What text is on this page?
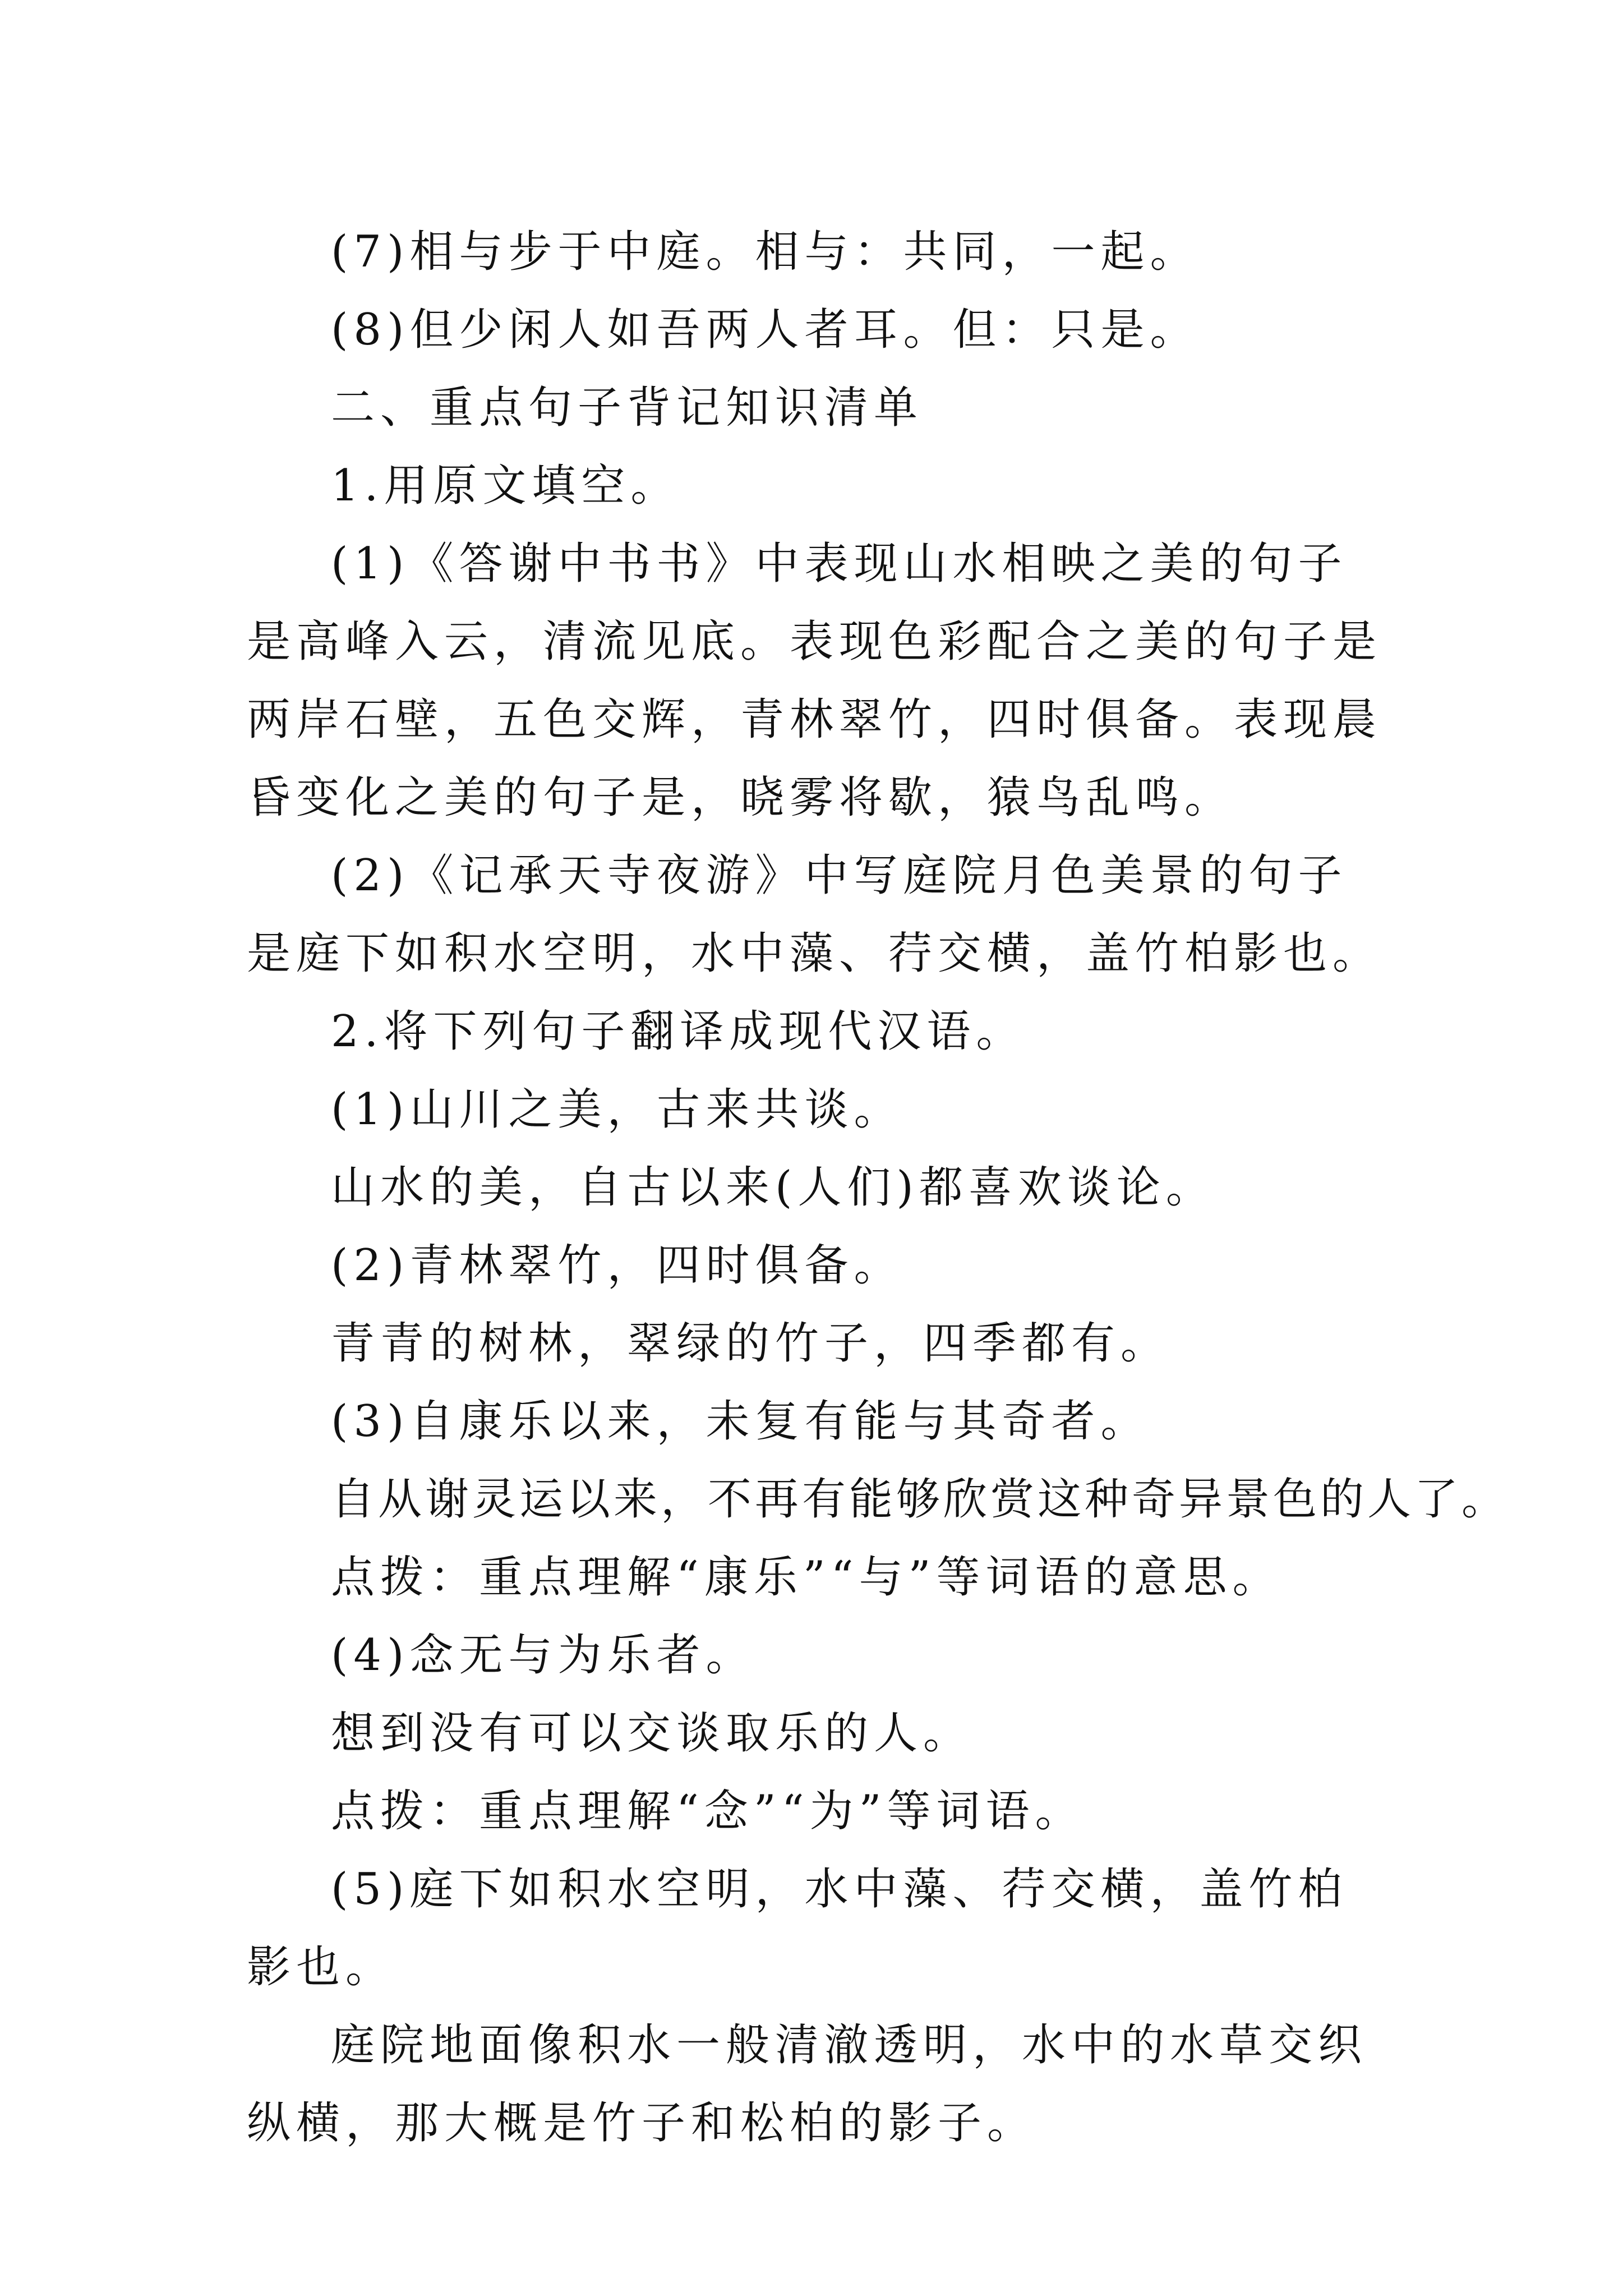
(7)相与步于中庭。相与：共同，一起。

(8)但少闲人如吾两人者耳。但：只是。

二、重点句子背记知识清单

1.用原文填空。

(1)《答谢中书书》中表现山水相映之美的句子是高峰入云，清流见底。表现色彩配合之美的句子是两岸石壁，五色交辉，青林翠竹，四时俱备。表现晨昏变化之美的句子是，晓雾将歇，猿鸟乱鸣。

(2)《记承天寺夜游》中写庭院月色美景的句子是庭下如积水空明，水中藻、荇交横，盖竹柏影也。

2.将下列句子翻译成现代汉语。

(1)山川之美，古来共谈。

山水的美，自古以来(人们)都喜欢谈论。

(2)青林翠竹，四时俱备。

青青的树林，翠绿的竹子，四季都有。

(3)自康乐以来，未复有能与其奇者。

自从谢灵运以来，不再有能够欣赏这种奇异景色的人了。

点拨：重点理解“康乐”“与”等词语的意思。

(4)念无与为乐者。

想到没有可以交谈取乐的人。

点拨：重点理解“念”“为”等词语。

(5)庭下如积水空明，水中藻、荇交横，盖竹柏影也。

庭院地面像积水一般清澈透明，水中的水草交织纵横，那大概是竹子和松柏的影子。
